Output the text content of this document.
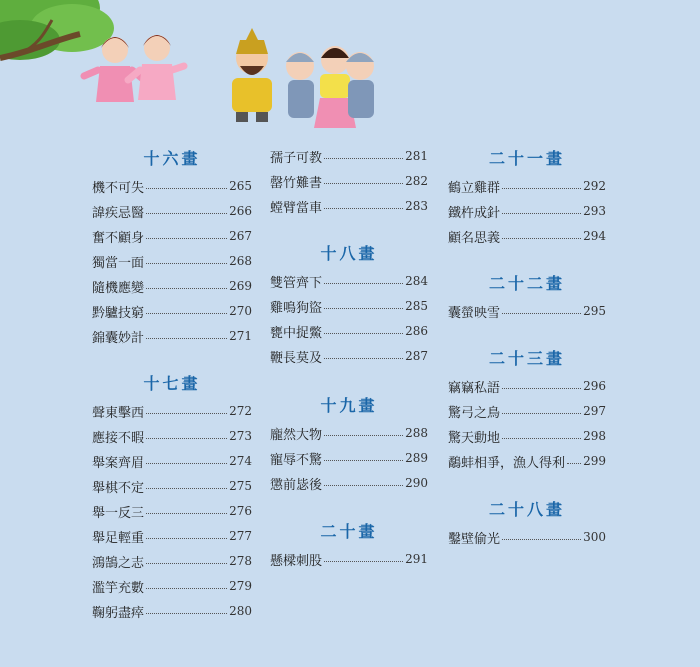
十六畫
機不可失	265
諱疾忌醫	266
奮不顧身	267
獨當一面	268
隨機應變	269
黔驢技窮	270
錦囊妙計	271
十七畫
聲東擊西	272
應接不暇	273
舉案齊眉	274
舉棋不定	275
舉一反三	276
舉足輕重	277
鴻鵠之志	278
濫竽充數	279
鞠躬盡瘁	280
孺子可教	281
罄竹難書	282
螳臂當車	283
十八畫
雙管齊下	284
雞鳴狗盜	285
甕中捉鱉	286
鞭長莫及	287
十九畫
龐然大物	288
寵辱不驚	289
懲前毖後	290
二十畫
懸樑刺股	291
二十一畫
鶴立雞群	292
鐵杵成針	293
顧名思義	294
二十二畫
囊螢映雪	295
二十三畫
竊竊私語	296
驚弓之鳥	297
驚天動地	298
鷸蚌相爭，漁人得利 299
二十八畫
鑿壁偷光	300
